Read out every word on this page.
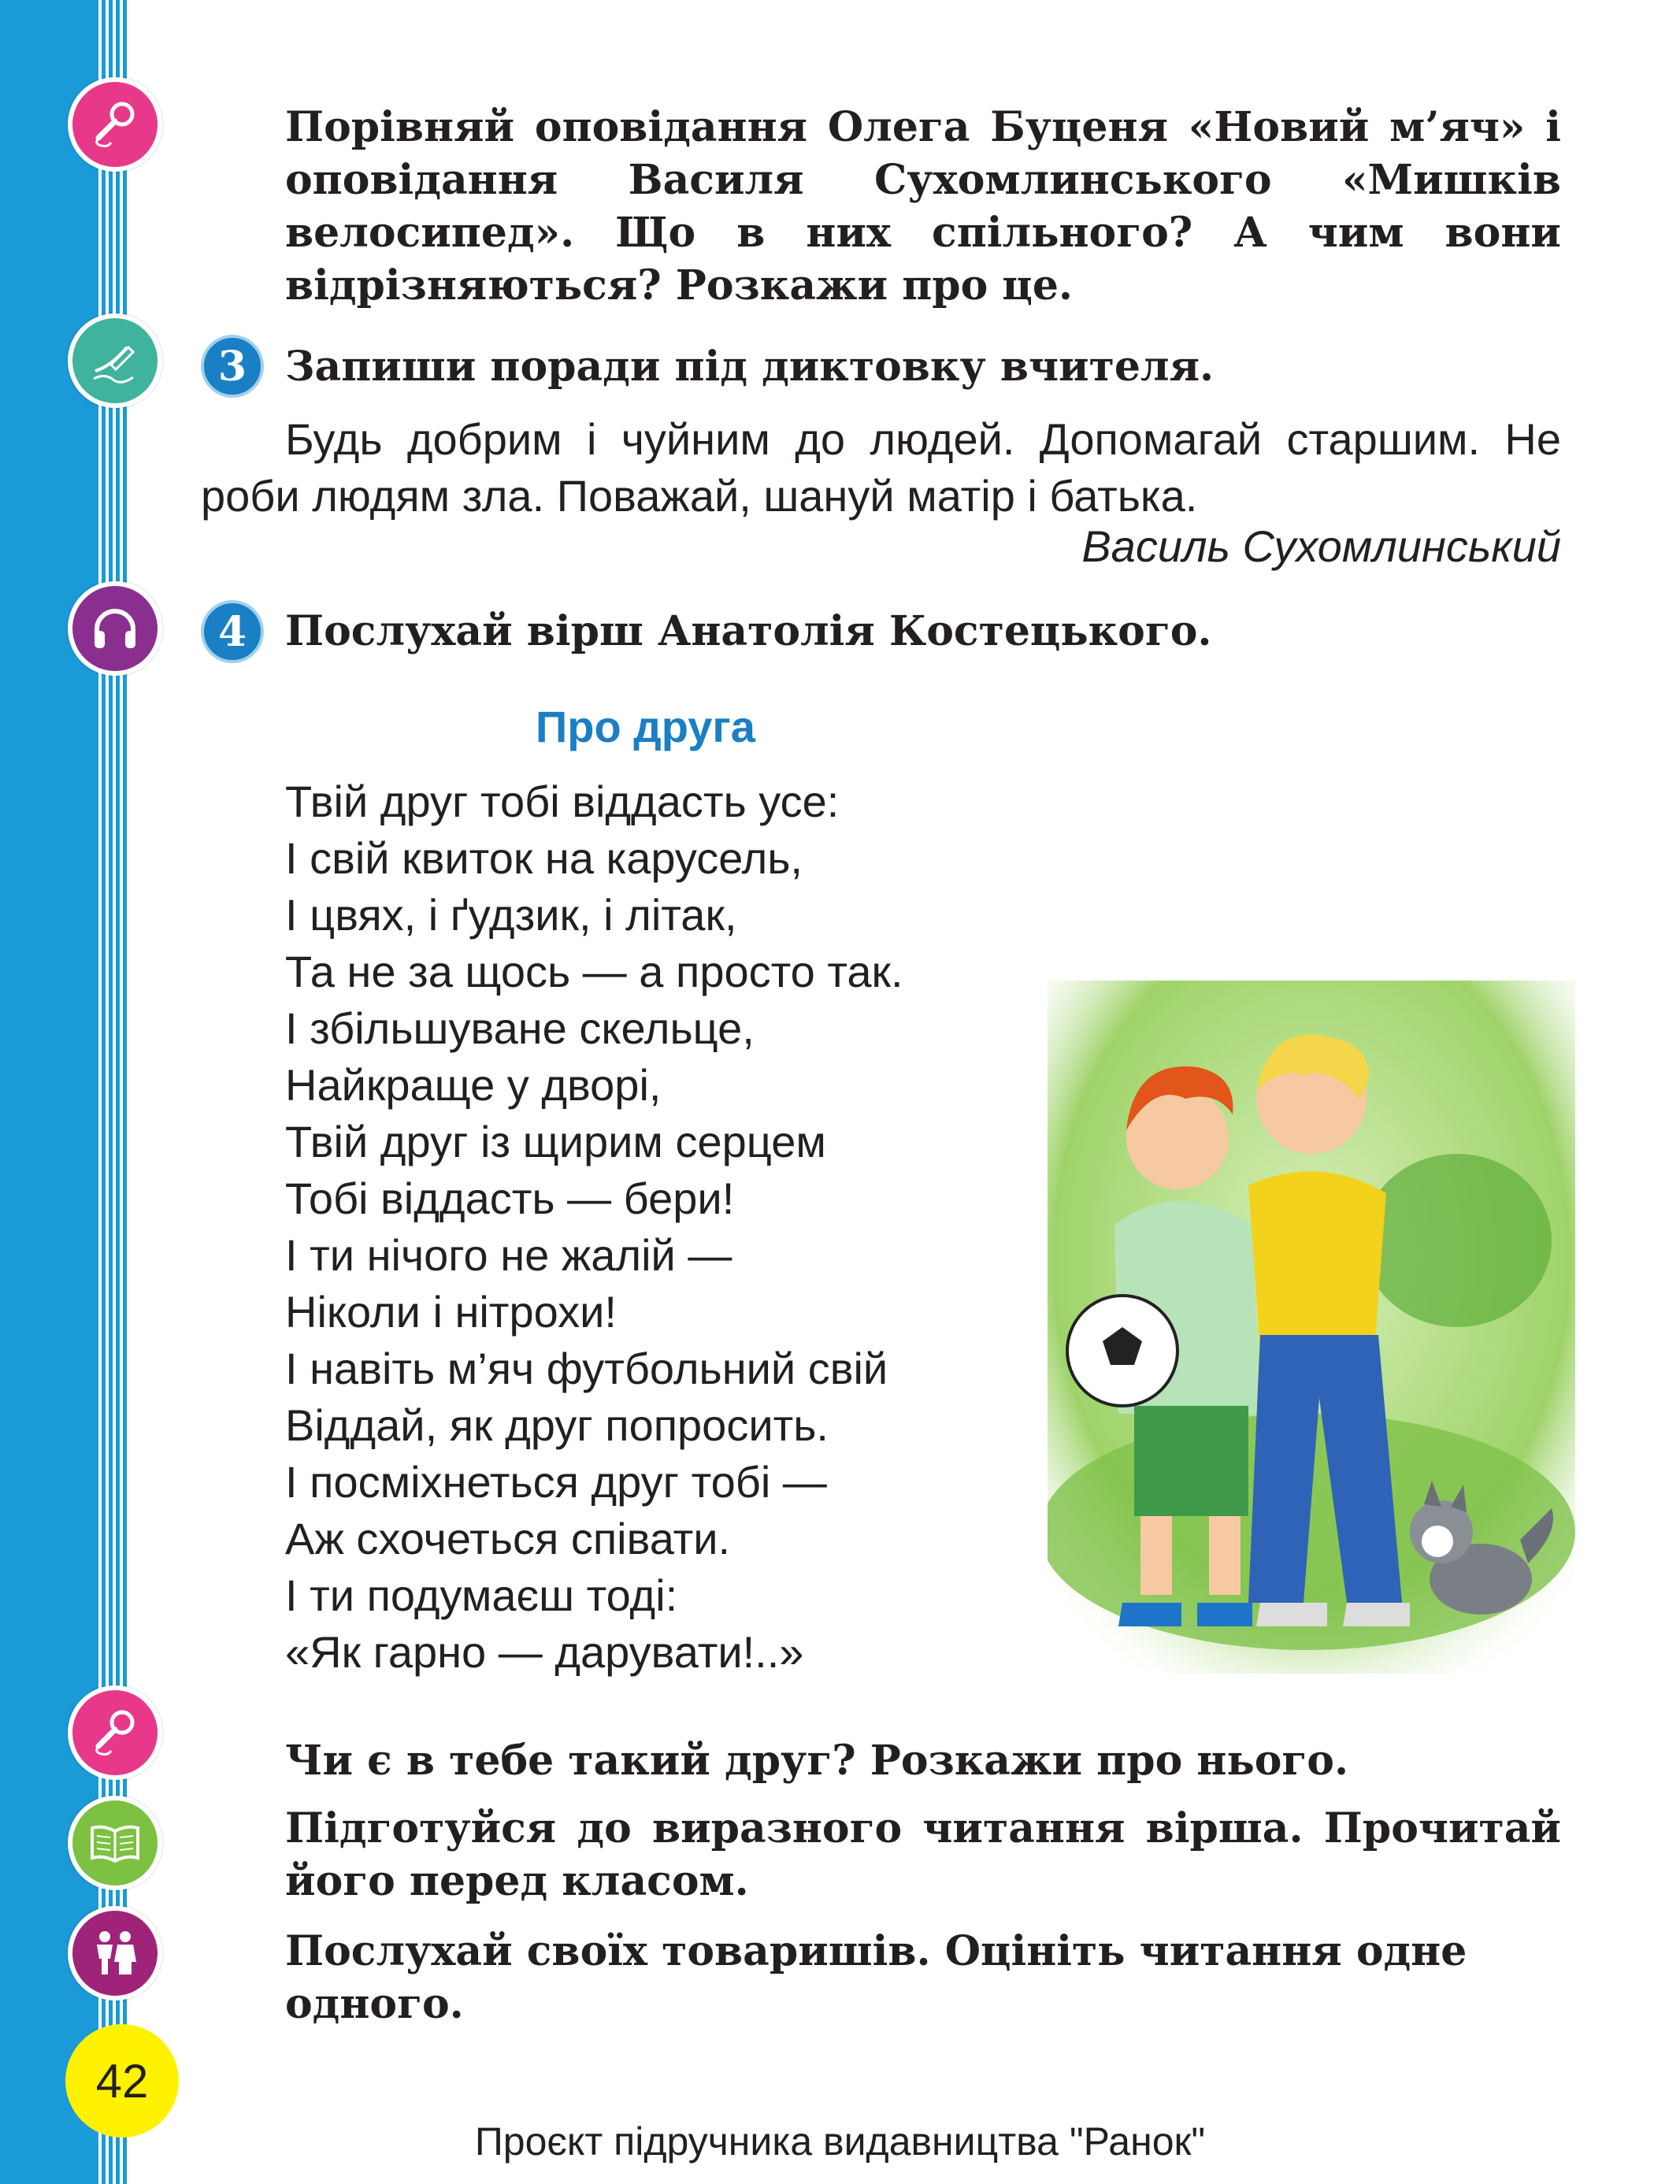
Порівняй оповідання Олега Буценя «Новий м’яч» і оповідання Василя Сухомлинського «Мишків велосипед». Що в них спільного? А чим вони відрізняються? Розкажи про це.

3 Запиши поради під диктовку вчителя.

Будь добрим і чуйним до людей. Допомагай старшим. Не роби людям зла. Поважай, шануй матір і батька.

Василь Сухомлинський
4 Послухай вірш Анатолія Костецького.

Про друга
Твій друг тобі віддасть усе:
І свій квиток на карусель,
І цвях, і ґудзик, і літак,
Та не за щось — а просто так.
І збільшуване скельце,
Найкраще у дворі,
Твій друг із щирим серцем
Тобі віддасть — бери!
І ти нічого не жалій —
Ніколи і нітрохи!
І навіть м’яч футбольний свій
Віддай, як друг попросить.
І посміхнеться друг тобі —
Аж схочеться співати.
І ти подумаєш тоді:
«Як гарно — дарувати!..»

Чи є в тебе такий друг? Розкажи про нього.

Підготуйся до виразного читання вірша. Прочитай його перед класом.

Послухай своїх товаришів. Оцініть читання одне одного.

42
Проєкт підручника видавництва "Ранок"
